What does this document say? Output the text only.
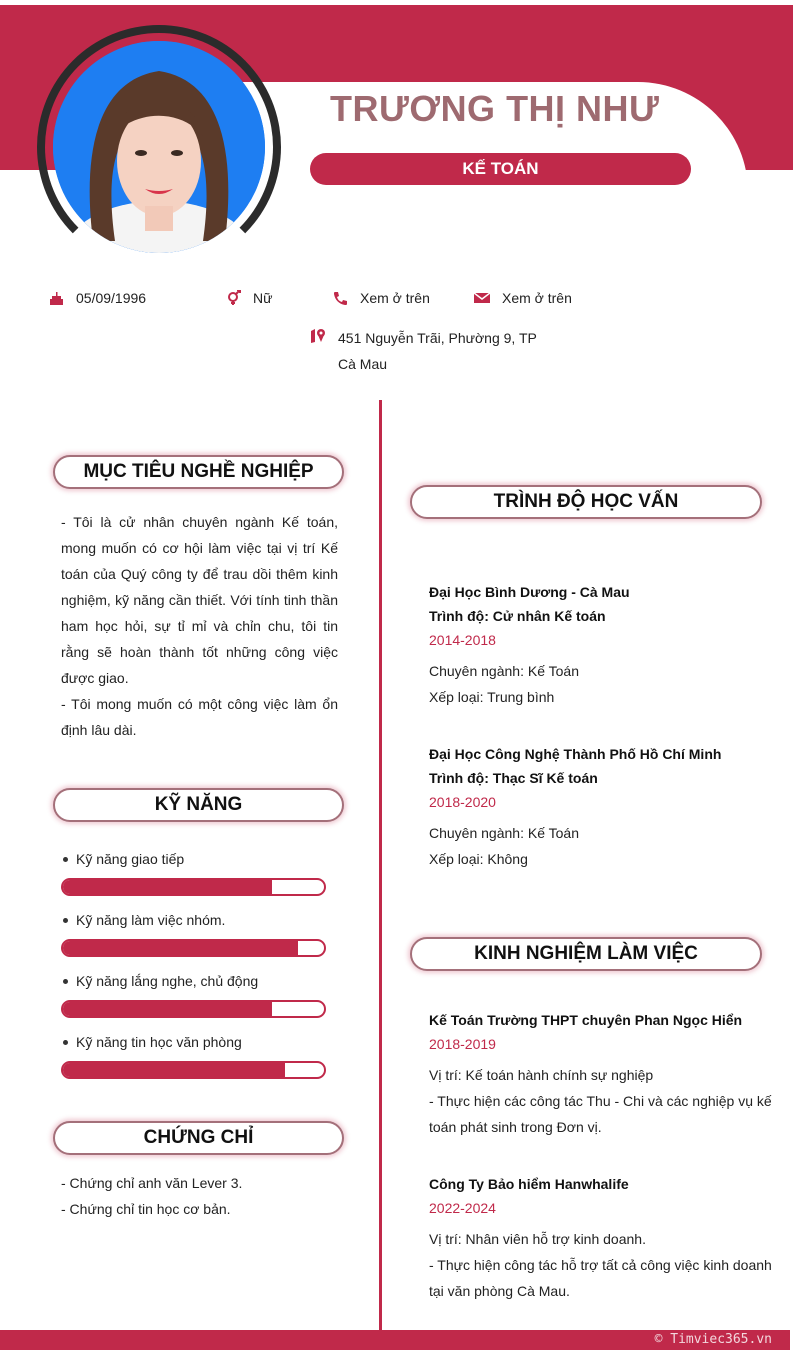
TRƯƠNG THỊ NHƯ
KẾ TOÁN
05/09/1996	Nữ	Xem ở trên	Xem ở trên
451 Nguyễn Trãi, Phường 9, TP Cà Mau
MỤC TIÊU NGHỀ NGHIỆP
- Tôi là cử nhân chuyên ngành Kế toán, mong muốn có cơ hội làm việc tại vị trí Kế toán của Quý công ty để trau dồi thêm kinh nghiệm, kỹ năng cần thiết. Với tính tinh thần ham học hỏi, sự tỉ mỉ và chỉn chu, tôi tin rằng sẽ hoàn thành tốt những công việc được giao.
- Tôi mong muốn có một công việc làm ổn định lâu dài.
KỸ NĂNG
Kỹ năng giao tiếp
Kỹ năng làm việc nhóm.
Kỹ năng lắng nghe, chủ động
Kỹ năng tin học văn phòng
CHỨNG CHỈ
- Chứng chỉ anh văn Lever 3.
- Chứng chỉ tin học cơ bản.
TRÌNH ĐỘ HỌC VẤN
Đại Học Bình Dương - Cà Mau
Trình độ: Cử nhân Kế toán
2014-2018
Chuyên ngành: Kế Toán
Xếp loại: Trung bình
Đại Học Công Nghệ Thành Phố Hồ Chí Minh
Trình độ: Thạc Sĩ Kế toán
2018-2020
Chuyên ngành: Kế Toán
Xếp loại: Không
KINH NGHIỆM LÀM VIỆC
Kế Toán Trường THPT chuyên Phan Ngọc Hiển
2018-2019
Vị trí: Kế toán hành chính sự nghiệp
- Thực hiện các công tác Thu - Chi và các nghiệp vụ kế toán phát sinh trong Đơn vị.
Công Ty Bảo hiểm Hanwhalife
2022-2024
Vị trí: Nhân viên hỗ trợ kinh doanh.
- Thực hiện công tác hỗ trợ tất cả công việc kinh doanh tại văn phòng Cà Mau.
© Timviec365.vn
